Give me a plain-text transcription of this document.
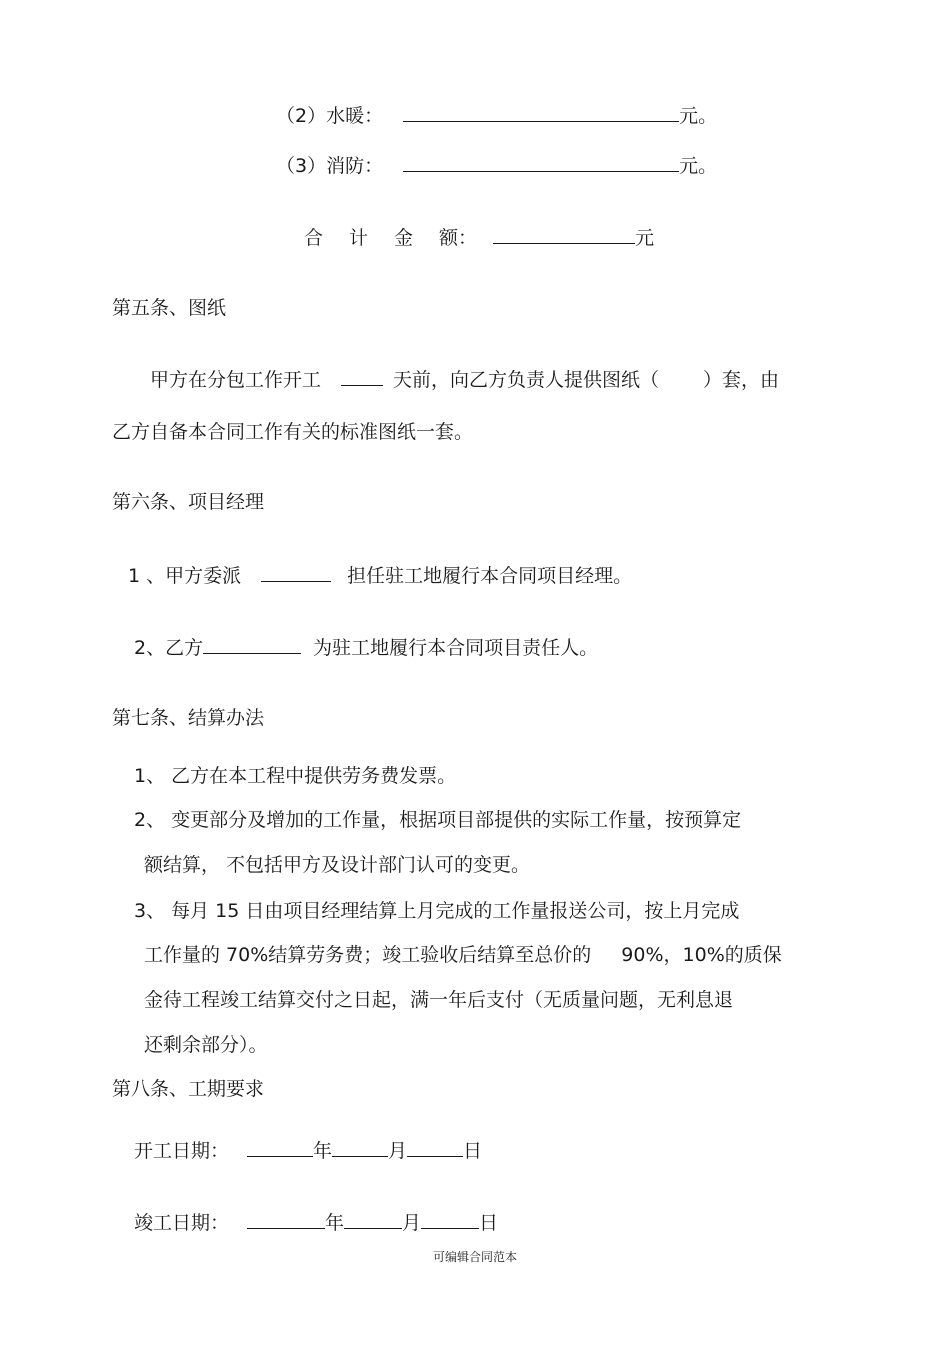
（2）水暖：	元。
（3）消防：	元。
合 计 金 额：	元
第五条、图纸
甲方在分包工作开工	天前，向乙方负责人提供图纸（ ）套，由
乙方自备本合同工作有关的标准图纸一套。
第六条、项目经理
1 、甲方委派	担任驻工地履行本合同项目经理。
2、乙方	为驻工地履行本合同项目责任人。
第七条、结算办法
1、 乙方在本工程中提供劳务费发票。
2、 变更部分及增加的工作量，根据项目部提供的实际工作量，按预算定
额结算， 不包括甲方及设计部门认可的变更。
3、 每月 15 日由项目经理结算上月完成的工作量报送公司，按上月完成
工作量的 70%结算劳务费；竣工验收后结算至总价的 90%，10%的质保
金待工程竣工结算交付之日起，满一年后支付（无质量问题，无利息退
还剩余部分）。
第八条、工期要求
开工日期：	年	月	日
竣工日期：	年	月	日
可编辑合同范本
